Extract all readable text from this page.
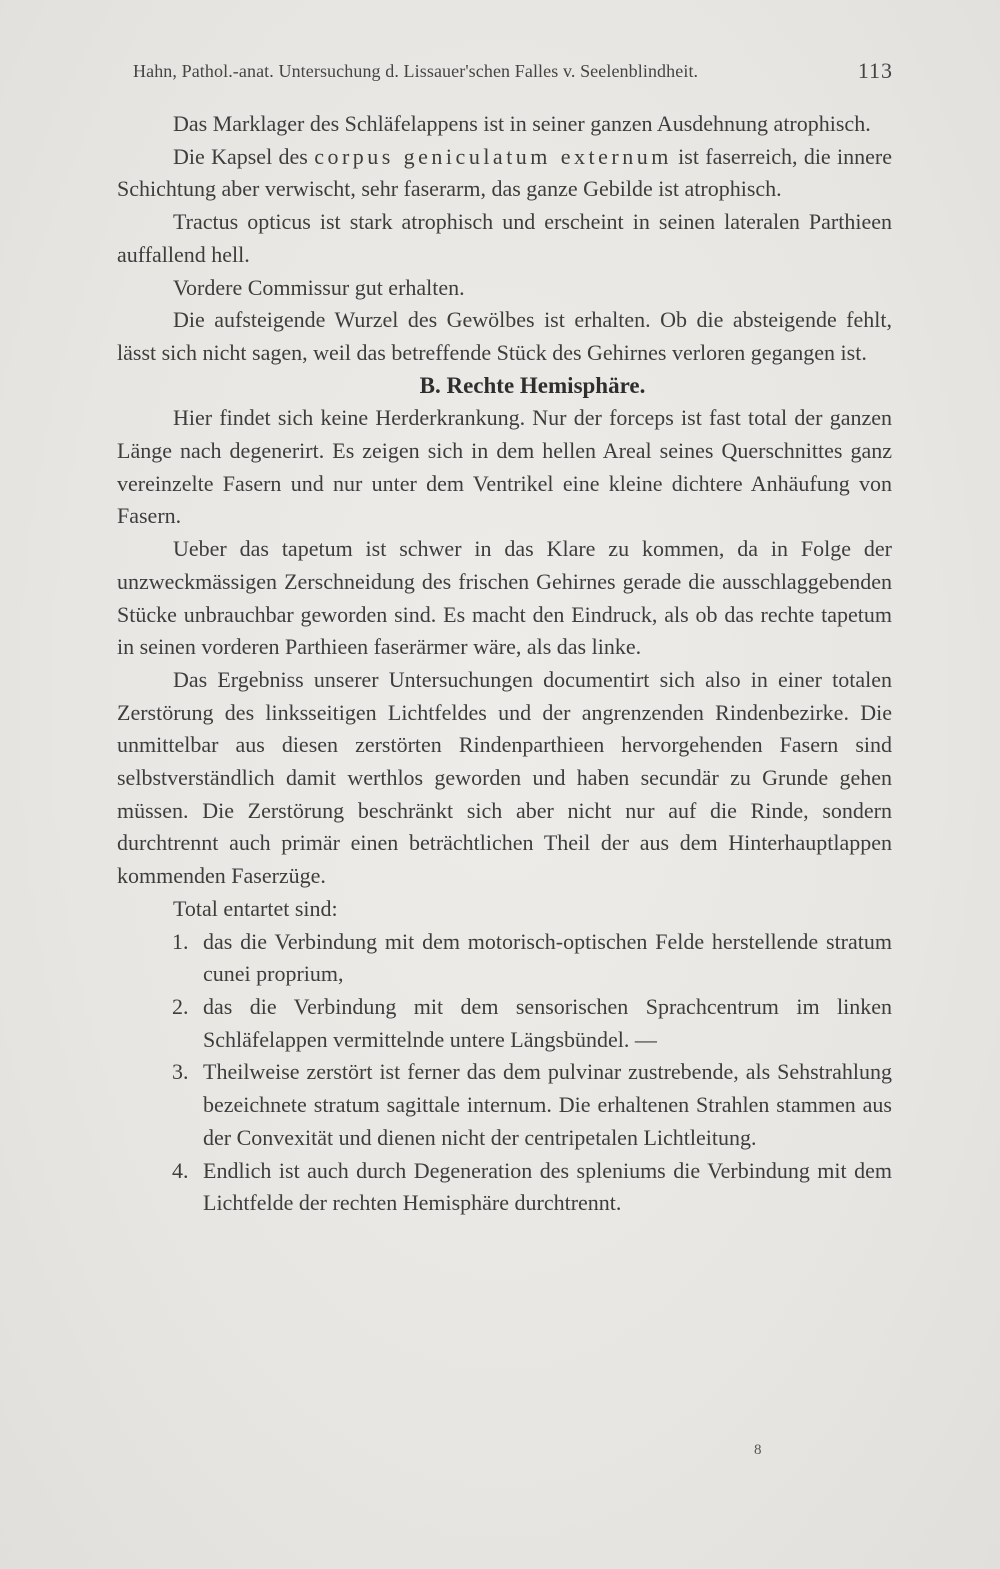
Hahn, Pathol.-anat. Untersuchung d. Lissauer'schen Falles v. Seelenblindheit.	113

Das Marklager des Schläfelappens ist in seiner ganzen Ausdehnung atrophisch.

Die Kapsel des corpus geniculatum externum ist faserreich, die innere Schichtung aber verwischt, sehr faserarm, das ganze Gebilde ist atrophisch.

Tractus opticus ist stark atrophisch und erscheint in seinen lateralen Parthieen auffallend hell.

Vordere Commissur gut erhalten.

Die aufsteigende Wurzel des Gewölbes ist erhalten. Ob die absteigende fehlt, lässt sich nicht sagen, weil das betreffende Stück des Gehirnes verloren gegangen ist.

B. Rechte Hemisphäre.

Hier findet sich keine Herderkrankung. Nur der forceps ist fast total der ganzen Länge nach degenerirt. Es zeigen sich in dem hellen Areal seines Querschnittes ganz vereinzelte Fasern und nur unter dem Ventrikel eine kleine dichtere Anhäufung von Fasern.

Ueber das tapetum ist schwer in das Klare zu kommen, da in Folge der unzweckmässigen Zerschneidung des frischen Gehirnes gerade die ausschlaggebenden Stücke unbrauchbar geworden sind. Es macht den Eindruck, als ob das rechte tapetum in seinen vorderen Parthieen faserärmer wäre, als das linke.

Das Ergebniss unserer Untersuchungen documentirt sich also in einer totalen Zerstörung des linksseitigen Lichtfeldes und der angrenzenden Rindenbezirke. Die unmittelbar aus diesen zerstörten Rindenparthieen hervorgehenden Fasern sind selbstverständlich damit werthlos geworden und haben secundär zu Grunde gehen müssen. Die Zerstörung beschränkt sich aber nicht nur auf die Rinde, sondern durchtrennt auch primär einen beträchtlichen Theil der aus dem Hinterhauptlappen kommenden Faserzüge.

Total entartet sind:

1. das die Verbindung mit dem motorisch-optischen Felde herstellende stratum cunei proprium,
2. das die Verbindung mit dem sensorischen Sprachcentrum im linken Schläfelappen vermittelnde untere Längsbündel. —
3. Theilweise zerstört ist ferner das dem pulvinar zustrebende, als Sehstrahlung bezeichnete stratum sagittale internum. Die erhaltenen Strahlen stammen aus der Convexität und dienen nicht der centripetalen Lichtleitung.
4. Endlich ist auch durch Degeneration des spleniums die Verbindung mit dem Lichtfelde der rechten Hemisphäre durchtrennt.
8
